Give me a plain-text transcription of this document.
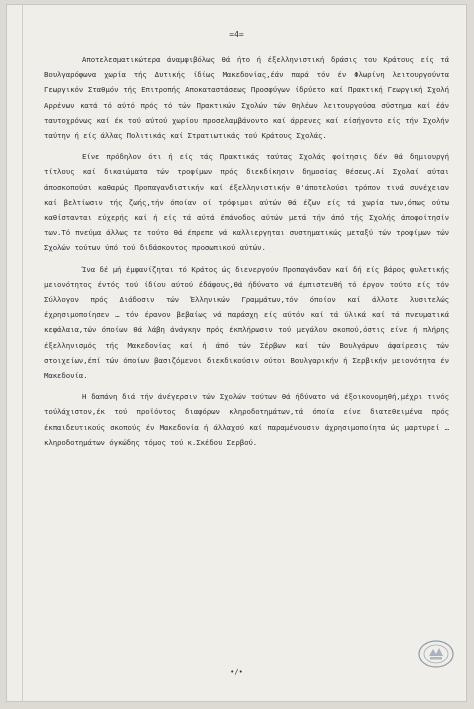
=4=

Αποτελεσματικώτερα άναμφιβόλως θά ήτο ή έξελληνιστική δράσις του Κράτους είς τά Βουλγαρόφωνα χωρία τής Δυτικής ίδίως Μακεδονίας,έάν παρά τόν έν Φλωρίνη λειτουργούντα Γεωργικόν Σταθμόν τής Επιτροπής Αποκαταστάσεως Προσφύγων ίδρύετο καί Πρακτική Γεωργική Σχολή Αρρένων κατά τό αύτό πρός τό τών Πρακτικών Σχολών τών Θηλέων λειτουργούσα σύστημα καί έάν ταυτοχρόνως καί έκ τού αύτού χωρίου προσελαμβάνοντο καί άρρενες καί είσήγοντο είς τήν Σχολήν ταύτην ή είς άλλας Πολιτικάς καί Στρατιωτικάς τού Κράτους Σχολάς.

Είνε πρόδηλον ότι ή είς τάς Πρακτικάς ταύτας Σχολάς φοίτησις δέν θά δημιουργή τίτλους καί δικαιώματα τών τροφίμων πρός διεκδίκησιν δημοσίας θέσεως.Αί Σχολαί αύται άποσκοπούσι καθαρώς Προπαγανδιστικήν καί έξελληνιστικήν θ'άποτελούσι τρόπον τινά συνέχειαν καί βελτίωσιν τής ζωής,τήν όποίαν οί τρόφιμοι αύτών θά έζων είς τά χωρία των,όπως ούτω καθίστανται εύχερής καί ή είς τά αύτά έπάνοδος αύτών μετά τήν άπό τής Σχολής άποφοίτησίν των.Τό πνεύμα άλλως τε τούτο θά έπρεπε νά καλλιεργηται συστηματικώς μεταξύ τών τροφίμων τών Σχολών τούτων ύπό τού διδάσκοντος προσωπικού αύτών.

Ίνα δέ μή έμφανίζηται τό Κράτος ώς διενεργούν Προπαγάνδαν καί δή είς βάρος φυλετικής μειονότητος έντός τού ίδίου αύτού έδάφους,θά ήδύνατο νά έμπιστευθή τό έργον τούτο είς τόν Σύλλογον πρός Διάδοσιν τών Έλληνικών Γραμμάτων,τόν όποίον καί άλλοτε λυσιτελώς έχρησιμοποίησεν … τόν έρανον βεβαίως νά παράσχη είς αύτόν καί τά ύλικά καί τά πνευματικά κεφάλαια,τών όποίων θά λάβη άνάγκην πρός έκπλήρωσιν τού μεγάλου σκοπού,όστις είνε ή πλήρης έξελληνισμός τής Μακεδονίας καί ή άπό τών Σέρβων καί τών Βουλγάρων άφαίρεσις τών στοιχείων,έπί τών όποίων βασιζόμενοι διεκδικούσιν ούτοι Βουλγαρικήν ή Σερβικήν μειονότητα έν Μακεδονία.

Η δαπάνη διά τήν άνέγερσιν τών Σχολών τούτων θά ήδύνατο νά έξοικονομηθή,μέχρι τινός τούλάχιστον,έκ τού προϊόντος διαφόρων κληροδοτημάτων,τά όποία είνε διατεθειμένα πρός έκπαιδευτικούς σκοπούς έν Μακεδονία ή άλλαχού καί παραμένουσιν άχρησιμοποίητα ώς μαρτυρεί … κληροδοτημάτων όγκώδης τόμος τού κ.Σκέδου Σερβού.

•/•
